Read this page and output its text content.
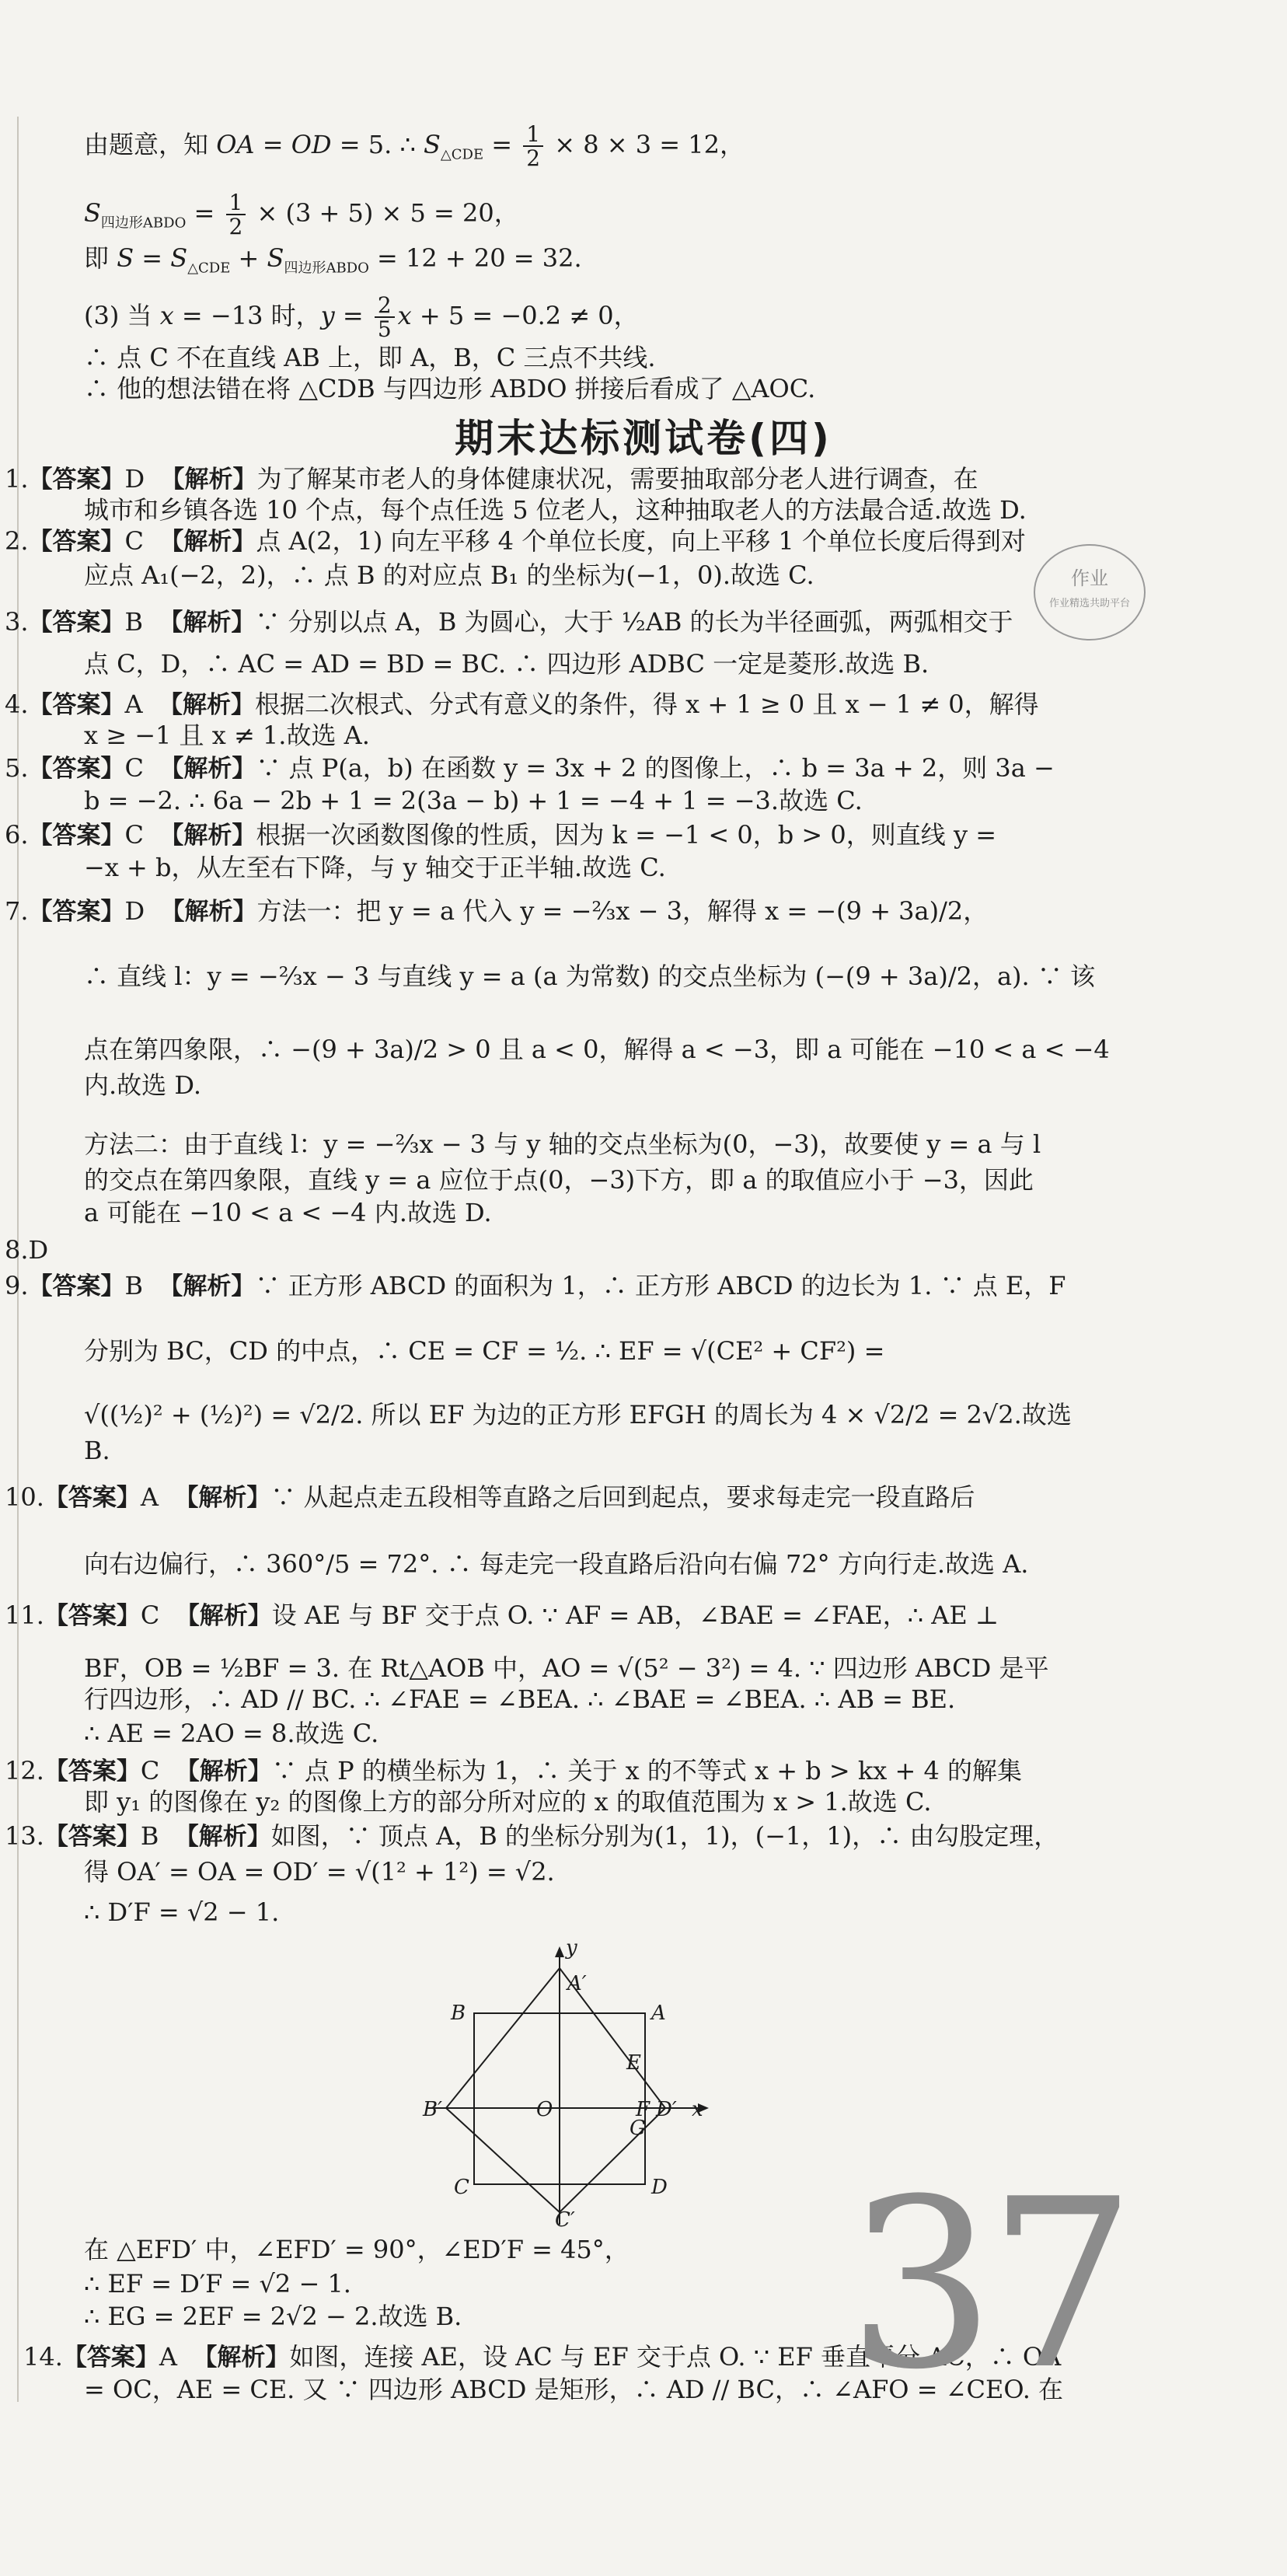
由题意，知 OA = OD = 5. ∴ $S_{\triangle CDE} = \frac{1}{2} \times 8 \times 3 = 12$，
$S_{四边形ABDO} = \frac{1}{2} \times (3 + 5) \times 5 = 20$，
即 $S = S_{\triangle CDE} + S_{四边形ABDO} = 12 + 20 = 32$.
(3) 当 x = −13 时，$y = \frac{2}{5}$ x + 5 = −0.2 ≠ 0，
∴ 点 C 不在直线 AB 上，即 A，B，C 三点不共线.
∴ 他的想法错在将 △CDB 与四边形 ABDO 拼接后看成了 △AOC.
期末达标测试卷(四)
作业
作业精选共助平台
1.【答案】D 【解析】为了解某市老人的身体健康状况，需要抽取部分老人进行调查，在
城市和乡镇各选 10 个点，每个点任选 5 位老人，这种抽取老人的方法最合适.故选 D.
2.【答案】C 【解析】点 A(2，1) 向左平移 4 个单位长度，向上平移 1 个单位长度后得到对
应点 A₁(−2，2)，∴ 点 B 的对应点 B₁ 的坐标为(−1，0).故选 C.
3.【答案】B 【解析】∵ 分别以点 A，B 为圆心，大于 ½AB 的长为半径画弧，两弧相交于
点 C，D，∴ AC = AD = BD = BC. ∴ 四边形 ADBC 一定是菱形.故选 B.
4.【答案】A 【解析】根据二次根式、分式有意义的条件，得 x + 1 ≥ 0 且 x − 1 ≠ 0，解得
x ≥ −1 且 x ≠ 1.故选 A.
5.【答案】C 【解析】∵ 点 P(a，b) 在函数 y = 3x + 2 的图像上，∴ b = 3a + 2，则 3a −
b = −2. ∴ 6a − 2b + 1 = 2(3a − b) + 1 = −4 + 1 = −3.故选 C.
6.【答案】C 【解析】根据一次函数图像的性质，因为 k = −1 < 0，b > 0，则直线 y =
−x + b，从左至右下降，与 y 轴交于正半轴.故选 C.
7.【答案】D 【解析】方法一：把 y = a 代入 y = −⅔x − 3，解得 x = −(9 + 3a)/2，
∴ 直线 l：y = −⅔x − 3 与直线 y = a (a 为常数) 的交点坐标为 (−(9 + 3a)/2，a). ∵ 该
点在第四象限，∴ −(9 + 3a)/2 > 0 且 a < 0，解得 a < −3，即 a 可能在 −10 < a < −4
内.故选 D.
方法二：由于直线 l：y = −⅔x − 3 与 y 轴的交点坐标为(0，−3)，故要使 y = a 与 l
的交点在第四象限，直线 y = a 应位于点(0，−3)下方，即 a 的取值应小于 −3，因此
a 可能在 −10 < a < −4 内.故选 D.
8.D
9.【答案】B 【解析】∵ 正方形 ABCD 的面积为 1，∴ 正方形 ABCD 的边长为 1. ∵ 点 E，F
分别为 BC，CD 的中点，∴ CE = CF = ½. ∴ EF = √(CE² + CF²) =
√((½)² + (½)²) = √2/2. 所以 EF 为边的正方形 EFGH 的周长为 4 × √2/2 = 2√2.故选
B.
10.【答案】A 【解析】∵ 从起点走五段相等直路之后回到起点，要求每走完一段直路后
向右边偏行，∴ 360°/5 = 72°. ∴ 每走完一段直路后沿向右偏 72° 方向行走.故选 A.
11.【答案】C 【解析】设 AE 与 BF 交于点 O. ∵ AF = AB，∠BAE = ∠FAE，∴ AE ⊥
BF，OB = ½BF = 3. 在 Rt△AOB 中，AO = √(5² − 3²) = 4. ∵ 四边形 ABCD 是平
行四边形，∴ AD // BC. ∴ ∠FAE = ∠BEA. ∴ ∠BAE = ∠BEA. ∴ AB = BE.
∴ AE = 2AO = 8.故选 C.
12.【答案】C 【解析】∵ 点 P 的横坐标为 1，∴ 关于 x 的不等式 x + b > kx + 4 的解集
即 y₁ 的图像在 y₂ 的图像上方的部分所对应的 x 的取值范围为 x > 1.故选 C.
13.【答案】B 【解析】如图，∵ 顶点 A，B 的坐标分别为(1，1)，(−1，1)，∴ 由勾股定理，
得 OA′ = OA = OD′ = √(1² + 1²) = √2.
∴ D′F = √2 − 1.
y
A′
B	A
E
B′	O	F D′ x
G
C	D
C′
在 △EFD′ 中，∠EFD′ = 90°，∠ED′F = 45°，
∴ EF = D′F = √2 − 1.
∴ EG = 2EF = 2√2 − 2.故选 B.
14.【答案】A 【解析】如图，连接 AE，设 AC 与 EF 交于点 O. ∵ EF 垂直平分 AC，∴ OA
= OC，AE = CE. 又 ∵ 四边形 ABCD 是矩形，∴ AD // BC，∴ ∠AFO = ∠CEO. 在
37
